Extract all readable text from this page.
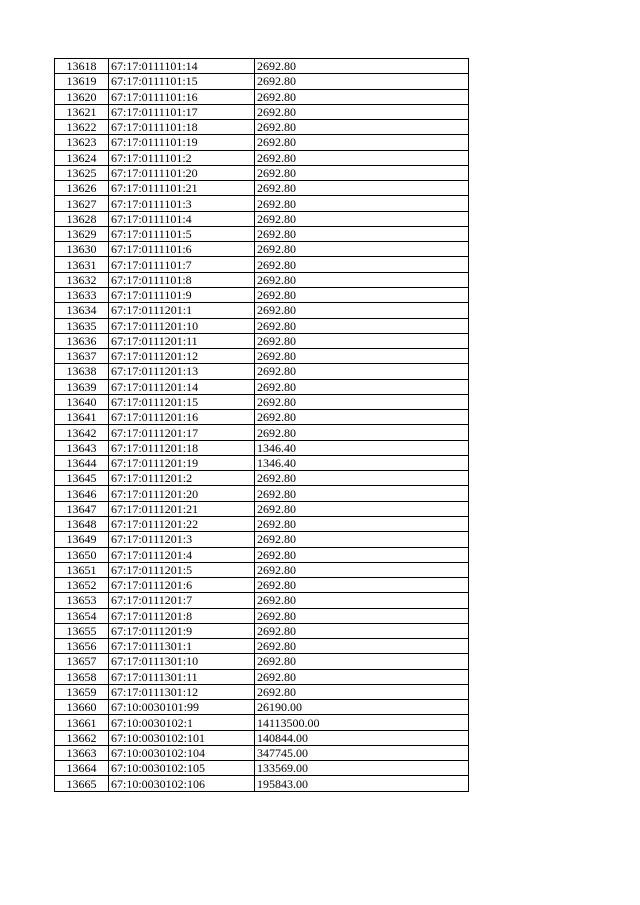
13618	67:17:0111101:14	2692.80
13619	67:17:0111101:15	2692.80
13620	67:17:0111101:16	2692.80
13621	67:17:0111101:17	2692.80
13622	67:17:0111101:18	2692.80
13623	67:17:0111101:19	2692.80
13624	67:17:0111101:2	2692.80
13625	67:17:0111101:20	2692.80
13626	67:17:0111101:21	2692.80
13627	67:17:0111101:3	2692.80
13628	67:17:0111101:4	2692.80
13629	67:17:0111101:5	2692.80
13630	67:17:0111101:6	2692.80
13631	67:17:0111101:7	2692.80
13632	67:17:0111101:8	2692.80
13633	67:17:0111101:9	2692.80
13634	67:17:0111201:1	2692.80
13635	67:17:0111201:10	2692.80
13636	67:17:0111201:11	2692.80
13637	67:17:0111201:12	2692.80
13638	67:17:0111201:13	2692.80
13639	67:17:0111201:14	2692.80
13640	67:17:0111201:15	2692.80
13641	67:17:0111201:16	2692.80
13642	67:17:0111201:17	2692.80
13643	67:17:0111201:18	1346.40
13644	67:17:0111201:19	1346.40
13645	67:17:0111201:2	2692.80
13646	67:17:0111201:20	2692.80
13647	67:17:0111201:21	2692.80
13648	67:17:0111201:22	2692.80
13649	67:17:0111201:3	2692.80
13650	67:17:0111201:4	2692.80
13651	67:17:0111201:5	2692.80
13652	67:17:0111201:6	2692.80
13653	67:17:0111201:7	2692.80
13654	67:17:0111201:8	2692.80
13655	67:17:0111201:9	2692.80
13656	67:17:0111301:1	2692.80
13657	67:17:0111301:10	2692.80
13658	67:17:0111301:11	2692.80
13659	67:17:0111301:12	2692.80
13660	67:10:0030101:99	26190.00
13661	67:10:0030102:1	14113500.00
13662	67:10:0030102:101	140844.00
13663	67:10:0030102:104	347745.00
13664	67:10:0030102:105	133569.00
13665	67:10:0030102:106	195843.00
